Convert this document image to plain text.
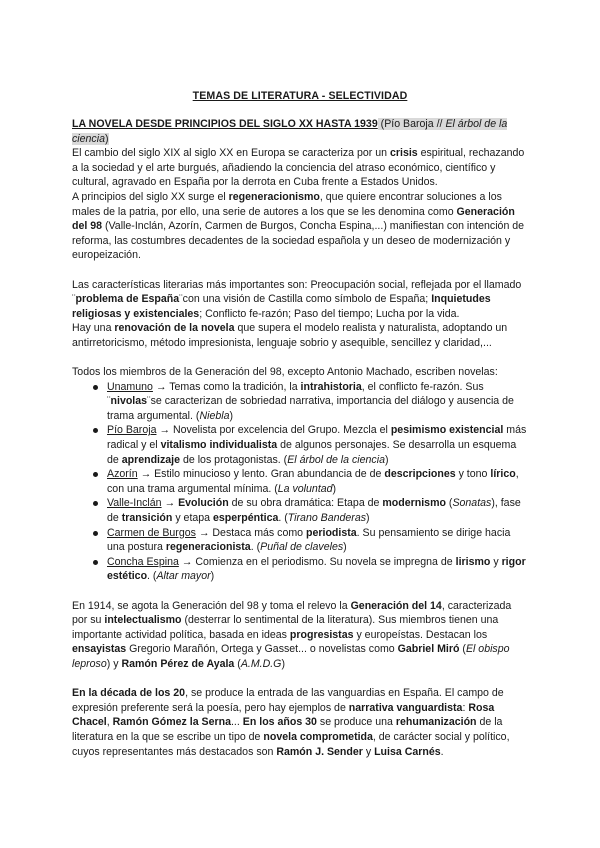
TEMAS DE LITERATURA - SELECTIVIDAD

LA NOVELA DESDE PRINCIPIOS DEL SIGLO XX HASTA 1939 (Pío Baroja // El árbol de la ciencia)

El cambio del siglo XIX al siglo XX en Europa se caracteriza por un crisis espiritual, rechazando a la sociedad y el arte burgués, añadiendo la conciencia del atraso económico, científico y cultural, agravado en España por la derrota en Cuba frente a Estados Unidos.

A principios del siglo XX surge el regeneracionismo, que quiere encontrar soluciones a los males de la patria, por ello, una serie de autores a los que se les denomina como Generación del 98 (Valle-Inclán, Azorín, Carmen de Burgos, Concha Espina,...) manifiestan con intención de reforma, las costumbres decadentes de la sociedad española y un deseo de modernización y europeización.

Las características literarias más importantes son: Preocupación social, reflejada por el llamado ¨problema de España¨con una visión de Castilla como símbolo de España; Inquietudes religiosas y existenciales; Conflicto fe-razón; Paso del tiempo; Lucha por la vida.

Hay una renovación de la novela que supera el modelo realista y naturalista, adoptando un antirretoricismo, método impresionista, lenguaje sobrio y asequible, sencillez y claridad,...

Todos los miembros de la Generación del 98, excepto Antonio Machado, escriben novelas:

Unamuno → Temas como la tradición, la intrahistoria, el conflicto fe-razón. Sus ¨nivolas¨se caracterizan de sobriedad narrativa, importancia del diálogo y ausencia de trama argumental. (Niebla)
Pío Baroja → Novelista por excelencia del Grupo. Mezcla el pesimismo existencial más radical y el vitalismo individualista de algunos personajes. Se desarrolla un esquema de aprendizaje de los protagonistas. (El árbol de la ciencia)
Azorín → Estilo minucioso y lento. Gran abundancia de de descripciones y tono lírico, con una trama argumental mínima. (La voluntad)
Valle-Inclán → Evolución de su obra dramática: Etapa de modernismo (Sonatas), fase de transición y etapa esperpéntica. (Tirano Banderas)
Carmen de Burgos → Destaca más como periodista. Su pensamiento se dirige hacia una postura regeneracionista. (Puñal de claveles)
Concha Espina → Comienza en el periodismo. Su novela se impregna de lirismo y rigor estético. (Altar mayor)

En 1914, se agota la Generación del 98 y toma el relevo la Generación del 14, caracterizada por su intelectualismo (desterrar lo sentimental de la literatura). Sus miembros tienen una importante actividad política, basada en ideas progresistas y europeístas. Destacan los ensayistas Gregorio Marañón, Ortega y Gasset... o novelistas como Gabriel Miró (El obispo leproso) y Ramón Pérez de Ayala (A.M.D.G)

En la década de los 20, se produce la entrada de las vanguardias en España. El campo de expresión preferente será la poesía, pero hay ejemplos de narrativa vanguardista: Rosa Chacel, Ramón Gómez la Serna... En los años 30 se produce una rehumanización de la literatura en la que se escribe un tipo de novela comprometida, de carácter social y político, cuyos representantes más destacados son Ramón J. Sender y Luisa Carnés.
